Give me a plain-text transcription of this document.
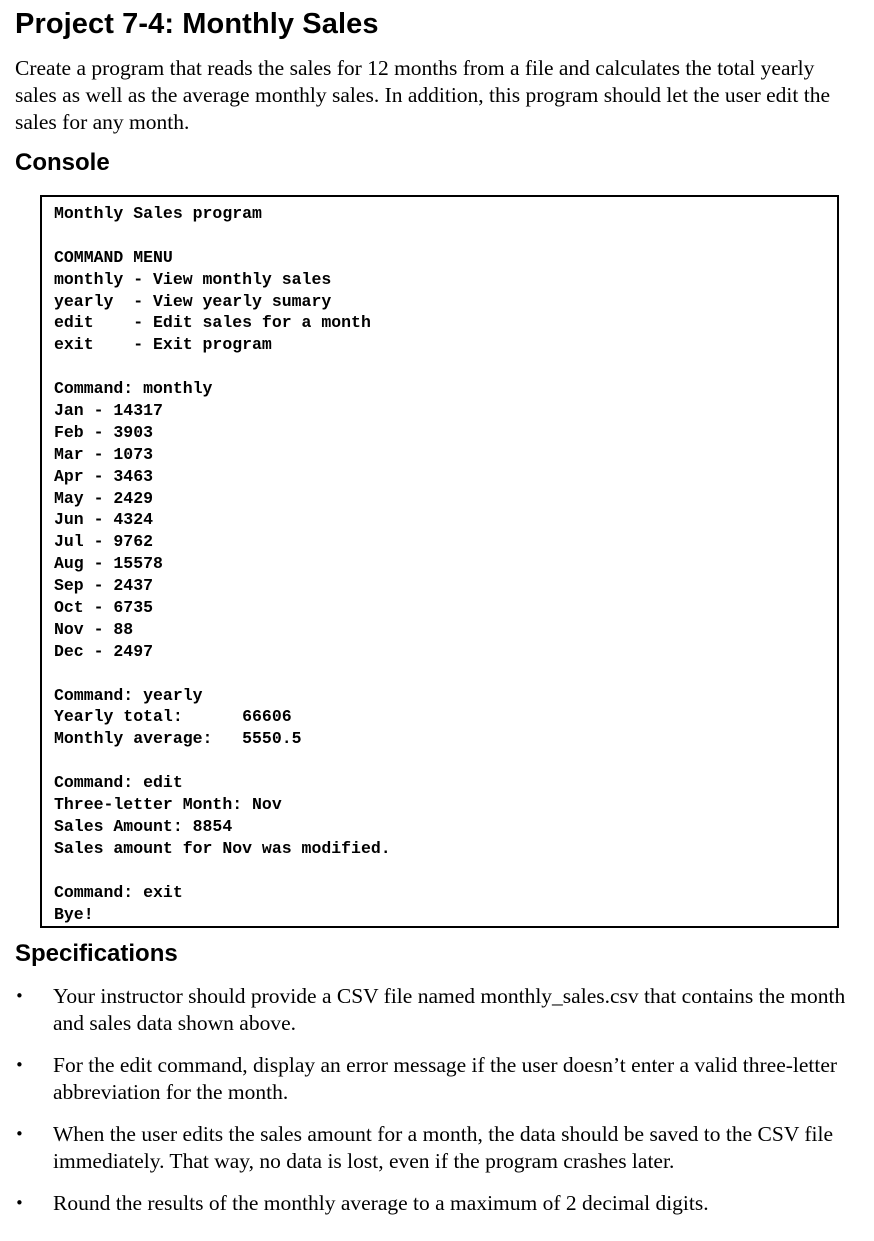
Project 7-4: Monthly Sales

Create a program that reads the sales for 12 months from a file and calculates the total yearly sales as well as the average monthly sales. In addition, this program should let the user edit the sales for any month.

Console
Monthly Sales program
COMMAND MENU
monthly - View monthly sales
yearly  - View yearly sumary
edit    - Edit sales for a month
exit    - Exit program
Command: monthly
Jan - 14317
Feb - 3903
Mar - 1073
Apr - 3463
May - 2429
Jun - 4324
Jul - 9762
Aug - 15578
Sep - 2437
Oct - 6735
Nov - 88
Dec - 2497
Command: yearly
Yearly total:      66606
Monthly average:   5550.5
Command: edit
Three-letter Month: Nov
Sales Amount: 8854
Sales amount for Nov was modified.
Command: exit
Bye!
Specifications
• Your instructor should provide a CSV file named monthly_sales.csv that contains the month and sales data shown above.
• For the edit command, display an error message if the user doesn’t enter a valid three-letter abbreviation for the month.
• When the user edits the sales amount for a month, the data should be saved to the CSV file immediately. That way, no data is lost, even if the program crashes later.
• Round the results of the monthly average to a maximum of 2 decimal digits.
